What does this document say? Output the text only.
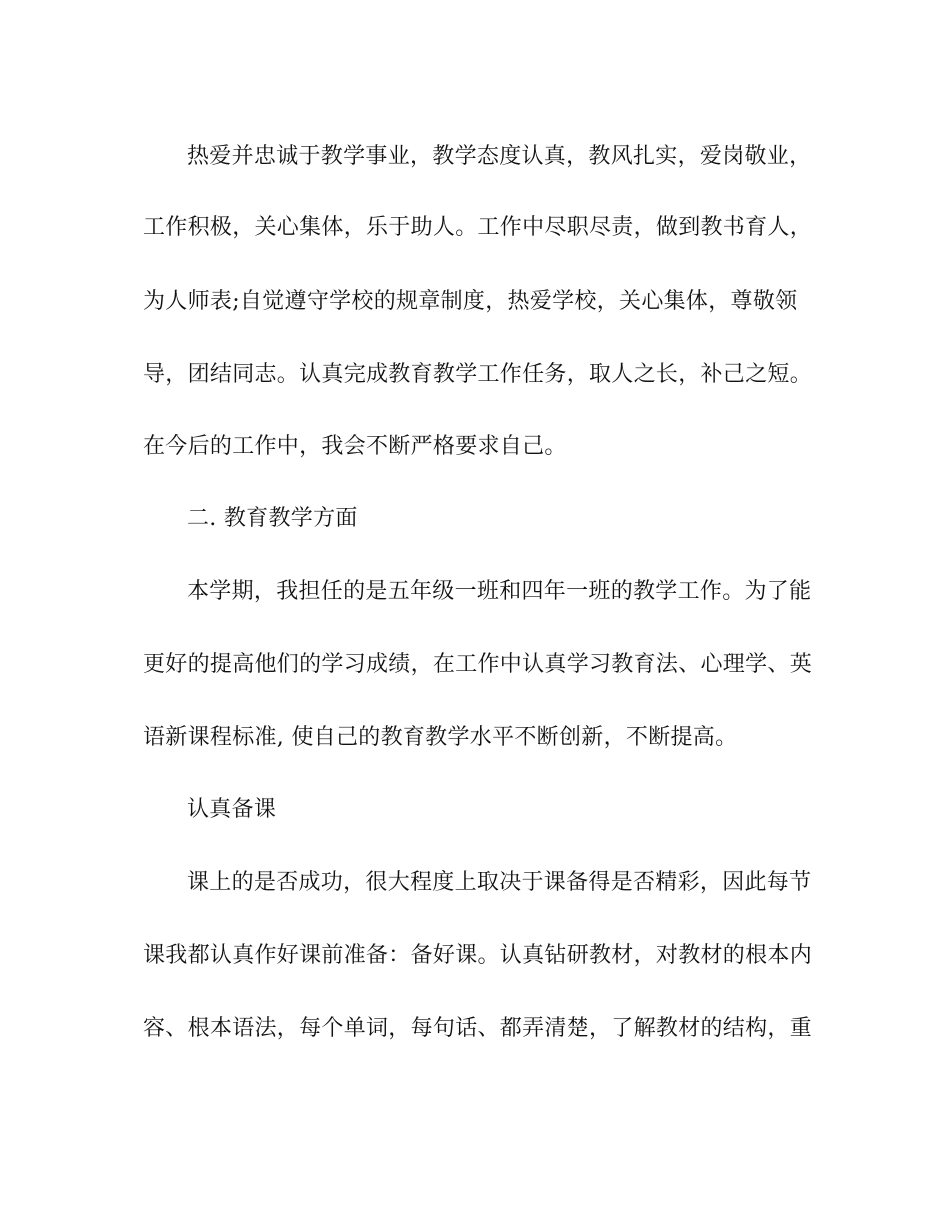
热爱并忠诚于教学事业，教学态度认真，教风扎实，爱岗敬业，
工作积极，关心集体，乐于助人。工作中尽职尽责，做到教书育人，
为人师表;自觉遵守学校的规章制度，热爱学校，关心集体，尊敬领
导，团结同志。认真完成教育教学工作任务，取人之长，补己之短。
在今后的工作中，我会不断严格要求自己。
二. 教育教学方面
本学期，我担任的是五年级一班和四年一班的教学工作。为了能
更好的提高他们的学习成绩，在工作中认真学习教育法、心理学、英
语新课程标准, 使自己的教育教学水平不断创新，不断提高。
认真备课
课上的是否成功，很大程度上取决于课备得是否精彩，因此每节
课我都认真作好课前准备：备好课。认真钻研教材，对教材的根本内
容、根本语法，每个单词，每句话、都弄清楚，了解教材的结构，重
